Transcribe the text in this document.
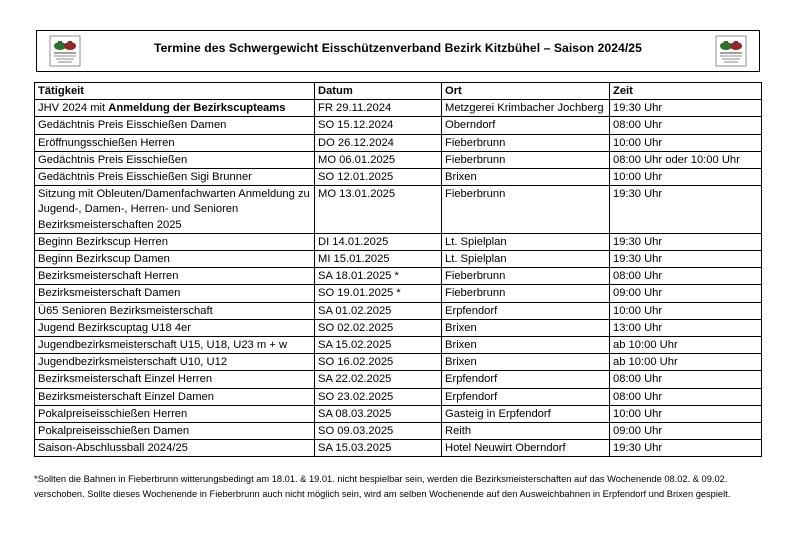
Termine des Schwergewicht Eisschützenverband Bezirk Kitzbühel – Saison 2024/25
Tätigkeit	Datum	Ort	Zeit
JHV 2024 mit Anmeldung der Bezirkscupteams	FR 29.11.2024	Metzgerei Krimbacher Jochberg	19:30 Uhr
Gedächtnis Preis Eisschießen Damen	SO 15.12.2024	Oberndorf	08:00 Uhr
Eröffnungsschießen Herren	DO 26.12.2024	Fieberbrunn	10:00 Uhr
Gedächtnis Preis Eisschießen	MO 06.01.2025	Fieberbrunn	08:00 Uhr oder 10:00 Uhr
Gedächtnis Preis Eisschießen Sigi Brunner	SO 12.01.2025	Brixen	10:00 Uhr
Sitzung mit Obleuten/Damenfachwarten Anmeldung zu Jugend-, Damen-, Herren- und Senioren Bezirksmeisterschaften 2025	MO 13.01.2025	Fieberbrunn	19:30 Uhr
Beginn Bezirkscup Herren	DI 14.01.2025	Lt. Spielplan	19:30 Uhr
Beginn Bezirkscup Damen	MI 15.01.2025	Lt. Spielplan	19:30 Uhr
Bezirksmeisterschaft Herren	SA 18.01.2025 *	Fieberbrunn	08:00 Uhr
Bezirksmeisterschaft Damen	SO 19.01.2025 *	Fieberbrunn	09:00 Uhr
Ü65 Senioren Bezirksmeisterschaft	SA 01.02.2025	Erpfendorf	10:00 Uhr
Jugend Bezirkscuptag U18 4er	SO 02.02.2025	Brixen	13:00 Uhr
Jugendbezirksmeisterschaft U15, U18, U23 m + w	SA 15.02.2025	Brixen	ab 10:00 Uhr
Jugendbezirksmeisterschaft U10, U12	SO 16.02.2025	Brixen	ab 10:00 Uhr
Bezirksmeisterschaft Einzel Herren	SA 22.02.2025	Erpfendorf	08:00 Uhr
Bezirksmeisterschaft Einzel Damen	SO 23.02.2025	Erpfendorf	08:00 Uhr
Pokalpreiseisschießen Herren	SA 08.03.2025	Gasteig in Erpfendorf	10:00 Uhr
Pokalpreiseisschießen Damen	SO 09.03.2025	Reith	09:00 Uhr
Saison-Abschlussball 2024/25	SA 15.03.2025	Hotel Neuwirt Oberndorf	19:30 Uhr
*Sollten die Bahnen in Fieberbrunn witterungsbedingt am 18.01. & 19.01. nicht bespielbar sein, werden die Bezirksmeisterschaften auf das Wochenende 08.02. & 09.02. verschoben. Sollte dieses Wochenende in Fieberbrunn auch nicht möglich sein, wird am selben Wochenende auf den Ausweichbahnen in Erpfendorf und Brixen gespielt.
